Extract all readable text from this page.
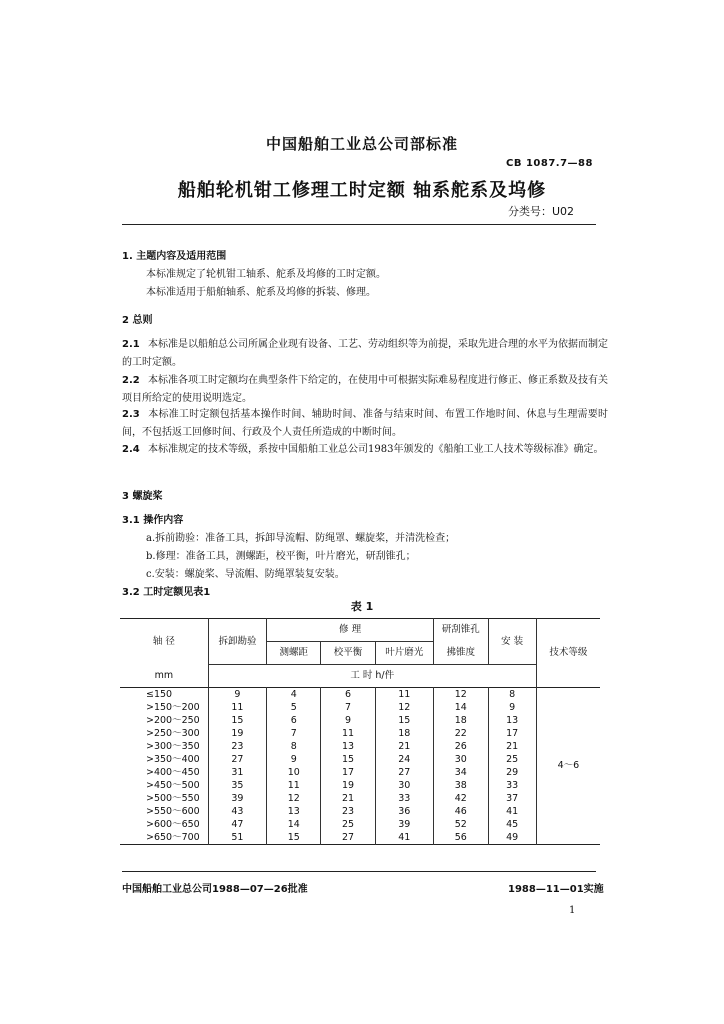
中国船舶工业总公司部标准
CB 1087.7—88
船舶轮机钳工修理工时定额 轴系舵系及坞修
分类号：U02
1. 主题内容及适用范围
本标准规定了轮机钳工轴系、舵系及坞修的工时定额。
本标准适用于船舶轴系、舵系及坞修的拆装、修理。
2 总则
2.1 本标准是以船舶总公司所属企业现有设备、工艺、劳动组织等为前提，采取先进合理的水平为依据而制定的工时定额。
2.2 本标准各项工时定额均在典型条件下给定的，在使用中可根据实际难易程度进行修正、修正系数及技有关项目所给定的使用说明选定。
2.3 本标准工时定额包括基本操作时间、辅助时间、准备与结束时间、布置工作地时间、休息与生理需要时间，不包括返工回修时间、行政及个人责任所造成的中断时间。
2.4 本标准规定的技术等级，系按中国船舶工业总公司1983年颁发的《船舶工业工人技术等级标准》确定。
3 螺旋桨
3.1 操作内容
a.拆前勘验：准备工具，拆卸导流帽、防绳罩、螺旋桨，并清洗检查；
b.修理：准备工具，测螺距，校平衡，叶片磨光，研刮锥孔；
c.安装：螺旋桨、导流帽、防绳罩装复安装。
3.2 工时定额见表1
表 1
轴 径	拆卸勘验	修 理			研刮锥孔	安 装	技术等级
		测螺距	校平衡	叶片磨光	拂锥度		
mm	工 时 h/件						
≤150	9	4	6	11	12	8	4～6
>150～200	11	5	7	12	14	9	
>200～250	15	6	9	15	18	13	
>250～300	19	7	11	18	22	17	
>300～350	23	8	13	21	26	21	
>350～400	27	9	15	24	30	25	
>400～450	31	10	17	27	34	29	
>450～500	35	11	19	30	38	33	
>500～550	39	12	21	33	42	37	
>550～600	43	13	23	36	46	41	
>600～650	47	14	25	39	52	45	
>650～700	51	15	27	41	56	49	
中国船舶工业总公司1988—07—26批准	1988—11—01实施
1
